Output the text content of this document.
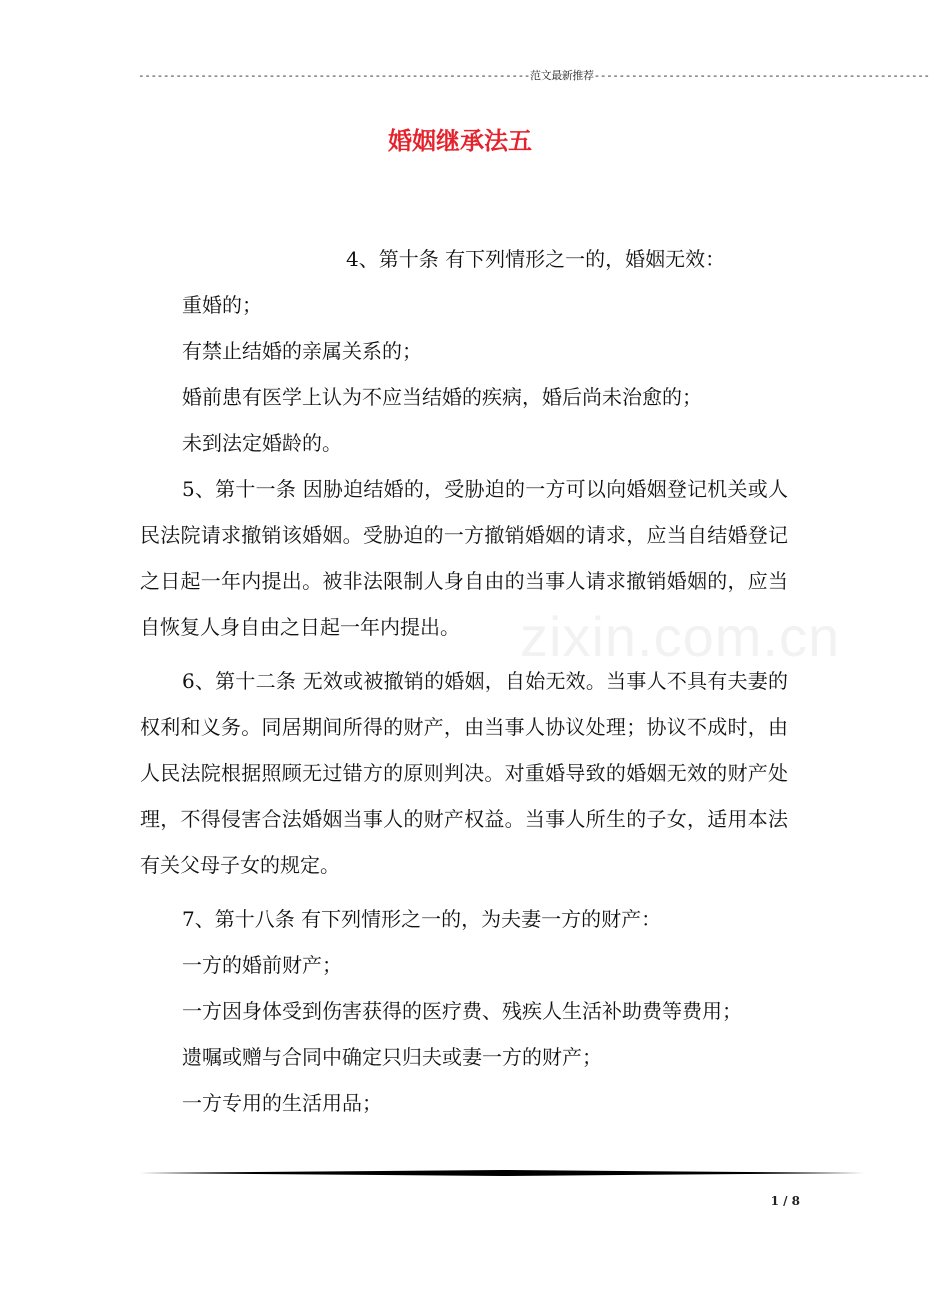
---------------------------------------------------------------范文最新推荐------------------------------------------------------
婚姻继承法五
zixin.com.cn

4、第十条 有下列情形之一的，婚姻无效：

重婚的；

有禁止结婚的亲属关系的；

婚前患有医学上认为不应当结婚的疾病，婚后尚未治愈的；

未到法定婚龄的。

5、第十一条 因胁迫结婚的，受胁迫的一方可以向婚姻登记机关或人民法院请求撤销该婚姻。受胁迫的一方撤销婚姻的请求，应当自结婚登记之日起一年内提出。被非法限制人身自由的当事人请求撤销婚姻的，应当自恢复人身自由之日起一年内提出。

6、第十二条 无效或被撤销的婚姻，自始无效。当事人不具有夫妻的权利和义务。同居期间所得的财产，由当事人协议处理；协议不成时，由人民法院根据照顾无过错方的原则判决。对重婚导致的婚姻无效的财产处理，不得侵害合法婚姻当事人的财产权益。当事人所生的子女，适用本法有关父母子女的规定。

7、第十八条 有下列情形之一的，为夫妻一方的财产：

一方的婚前财产；

一方因身体受到伤害获得的医疗费、残疾人生活补助费等费用；

遗嘱或赠与合同中确定只归夫或妻一方的财产；

一方专用的生活用品；

1 / 8
